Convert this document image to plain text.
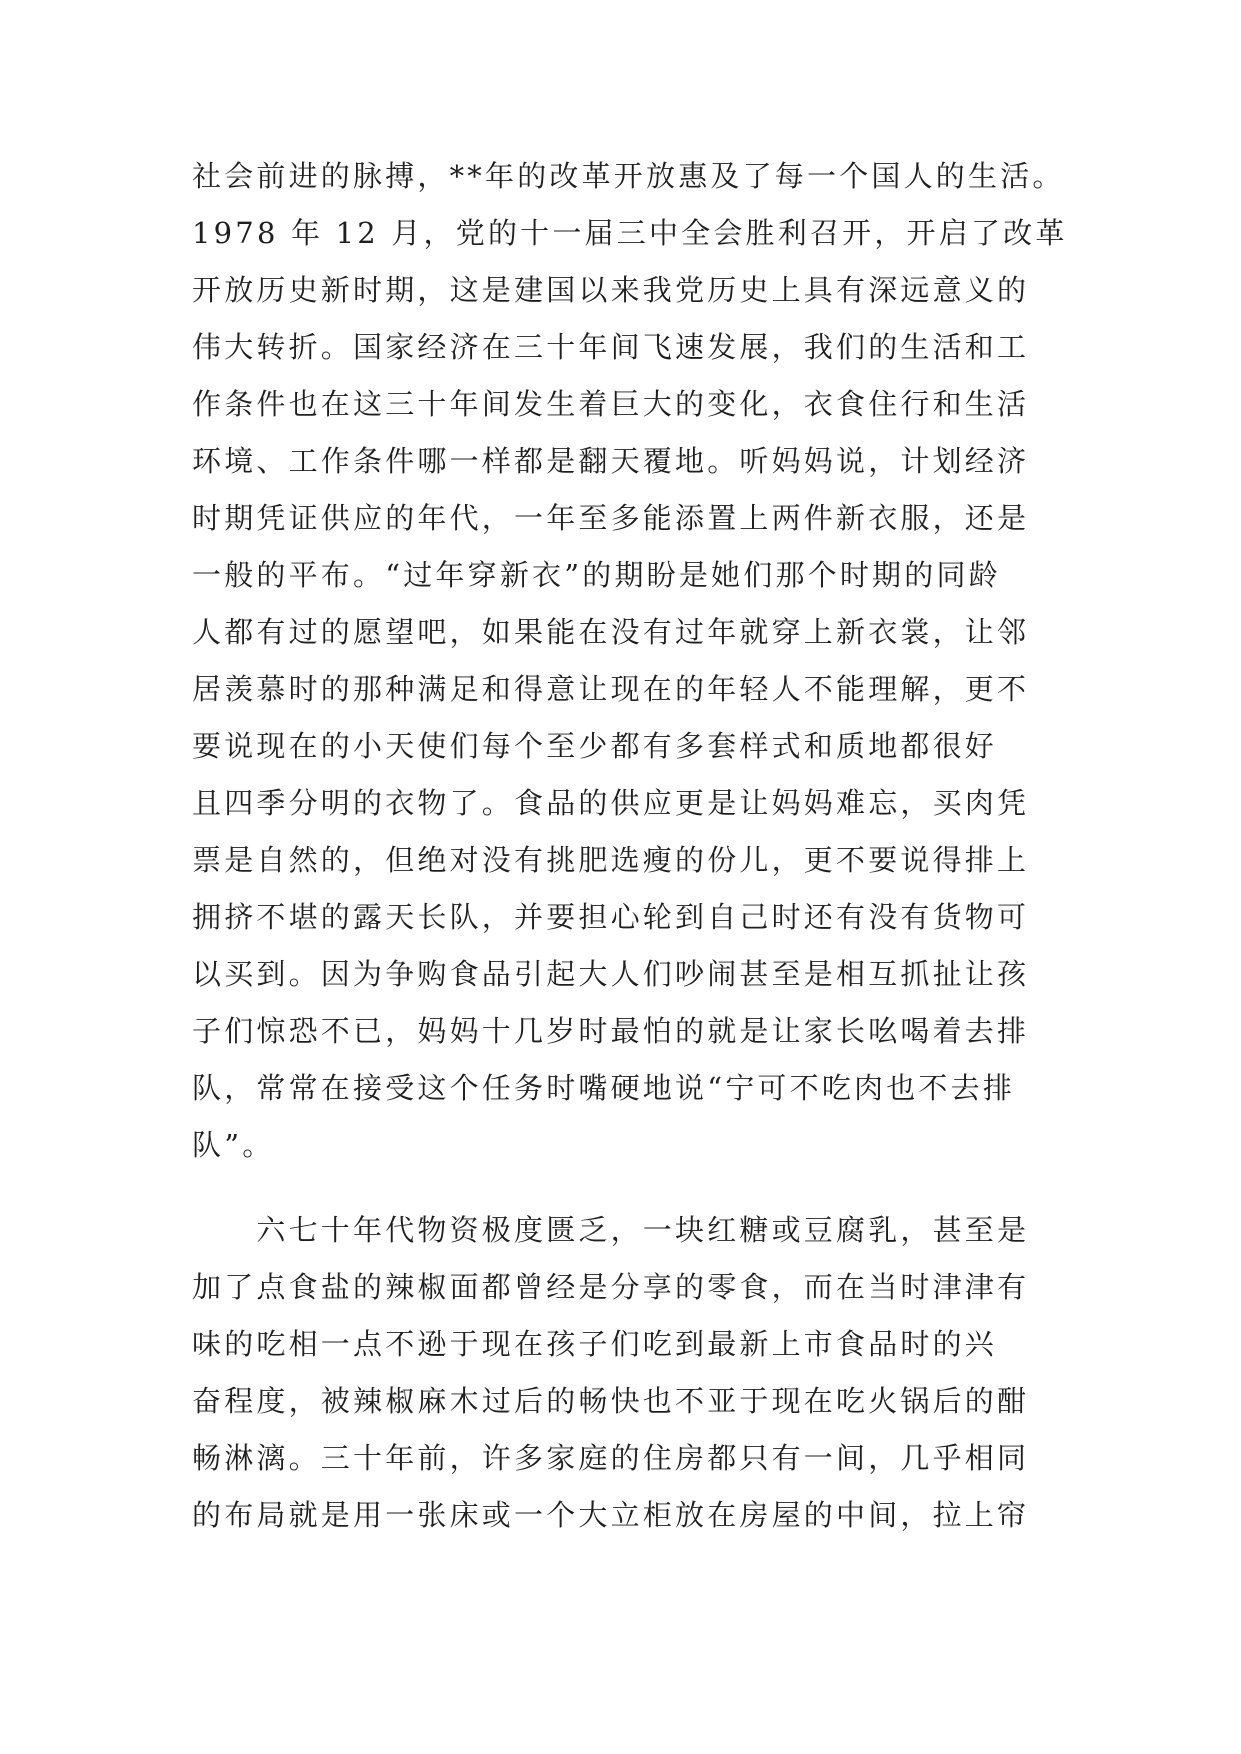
社会前进的脉搏，**年的改革开放惠及了每一个国人的生活。
1978 年 12 月，党的十一届三中全会胜利召开，开启了改革
开放历史新时期，这是建国以来我党历史上具有深远意义的
伟大转折。国家经济在三十年间飞速发展，我们的生活和工
作条件也在这三十年间发生着巨大的变化，衣食住行和生活
环境、工作条件哪一样都是翻天覆地。听妈妈说，计划经济
时期凭证供应的年代，一年至多能添置上两件新衣服，还是
一般的平布。“过年穿新衣”的期盼是她们那个时期的同龄
人都有过的愿望吧，如果能在没有过年就穿上新衣裳，让邻
居羡慕时的那种满足和得意让现在的年轻人不能理解，更不
要说现在的小天使们每个至少都有多套样式和质地都很好
且四季分明的衣物了。食品的供应更是让妈妈难忘，买肉凭
票是自然的，但绝对没有挑肥选瘦的份儿，更不要说得排上
拥挤不堪的露天长队，并要担心轮到自己时还有没有货物可
以买到。因为争购食品引起大人们吵闹甚至是相互抓扯让孩
子们惊恐不已，妈妈十几岁时最怕的就是让家长吆喝着去排
队，常常在接受这个任务时嘴硬地说“宁可不吃肉也不去排
队”。
　　六七十年代物资极度匮乏，一块红糖或豆腐乳，甚至是
加了点食盐的辣椒面都曾经是分享的零食，而在当时津津有
味的吃相一点不逊于现在孩子们吃到最新上市食品时的兴
奋程度，被辣椒麻木过后的畅快也不亚于现在吃火锅后的酣
畅淋漓。三十年前，许多家庭的住房都只有一间，几乎相同
的布局就是用一张床或一个大立柜放在房屋的中间，拉上帘
